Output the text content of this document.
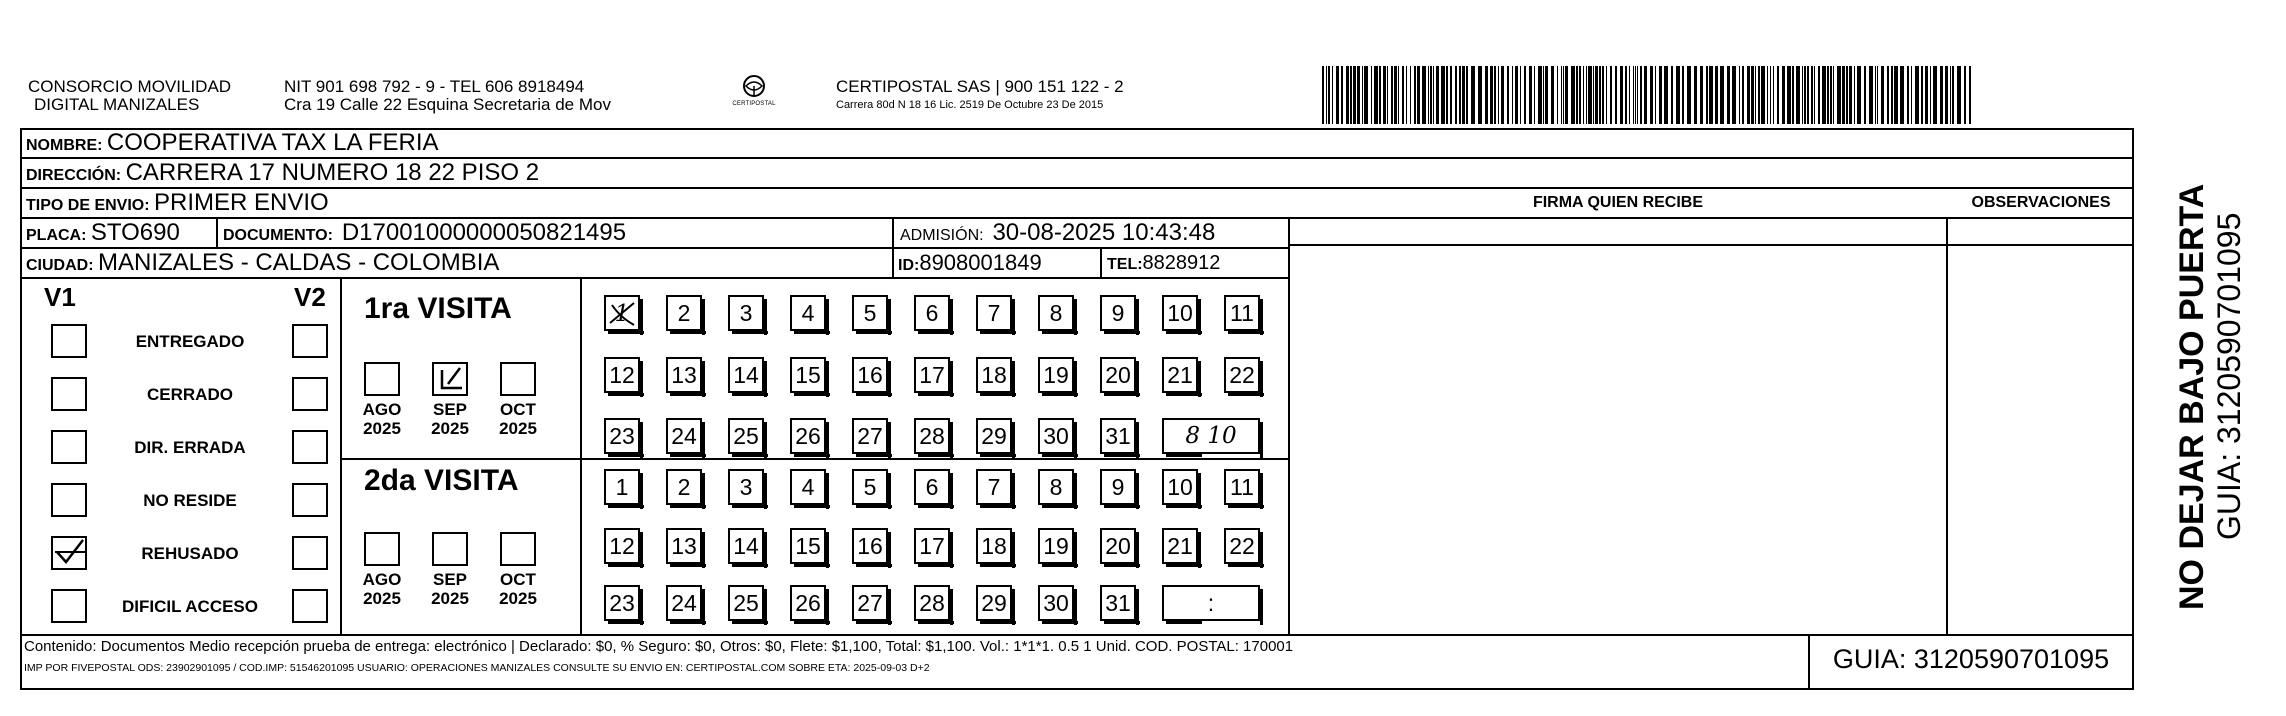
CONSORCIO MOVILIDAD
DIGITAL MANIZALES
NIT 901 698 792 - 9 - TEL 606 8918494
Cra 19 Calle 22 Esquina Secretaria de Mov	CERTIPOSTAL
CERTIPOSTAL SAS | 900 151 122 - 2
Carrera 80d N 18 16 Lic. 2519 De Octubre 23 De 2015
NOMBRE: COOPERATIVA TAX LA FERIA
DIRECCIÓN: CARRERA 17 NUMERO 18 22 PISO 2
TIPO DE ENVIO: PRIMER ENVIO	FIRMA QUIEN RECIBE	OBSERVACIONES
PLACA: STO690	DOCUMENTO: D17001000000050821495	ADMISIÓN: 30-08-2025 10:43:48
CIUDAD: MANIZALES - CALDAS - COLOMBIA	ID:8908001849	TEL:8828912
V1	V2
ENTREGADO
CERRADO
DIR. ERRADA
NO RESIDE
REHUSADO
DIFICIL ACCESO
1ra VISITA
2da VISITA
AGO
2025
SEP
2025
OCT
2025
AGO
2025
SEP
2025
OCT
2025
1	2	3	4	5	6	7	8	9	10 11
12 13 14 15 16 17 18 19 20 21 22
23 24 25 26 27 28 29 30 31	8 10
1	2	3	4	5	6	7	8	9	10 11
12 13 14 15 16 17 18 19 20 21 22
23 24 25 26 27 28 29 30 31	:
Contenido: Documentos Medio recepción prueba de entrega: electrónico | Declarado: $0, % Seguro: $0, Otros: $0, Flete: $1,100, Total: $1,100. Vol.: 1*1*1. 0.5 1 Unid. COD. POSTAL: 170001
IMP POR FIVEPOSTAL ODS: 23902901095 / COD.IMP: 51546201095 USUARIO: OPERACIONES MANIZALES CONSULTE SU ENVIO EN: CERTIPOSTAL.COM SOBRE ETA: 2025-09-03 D+2	GUIA: 3120590701095
NO DEJAR BAJO PUERTA GUIA: 3120590701095
